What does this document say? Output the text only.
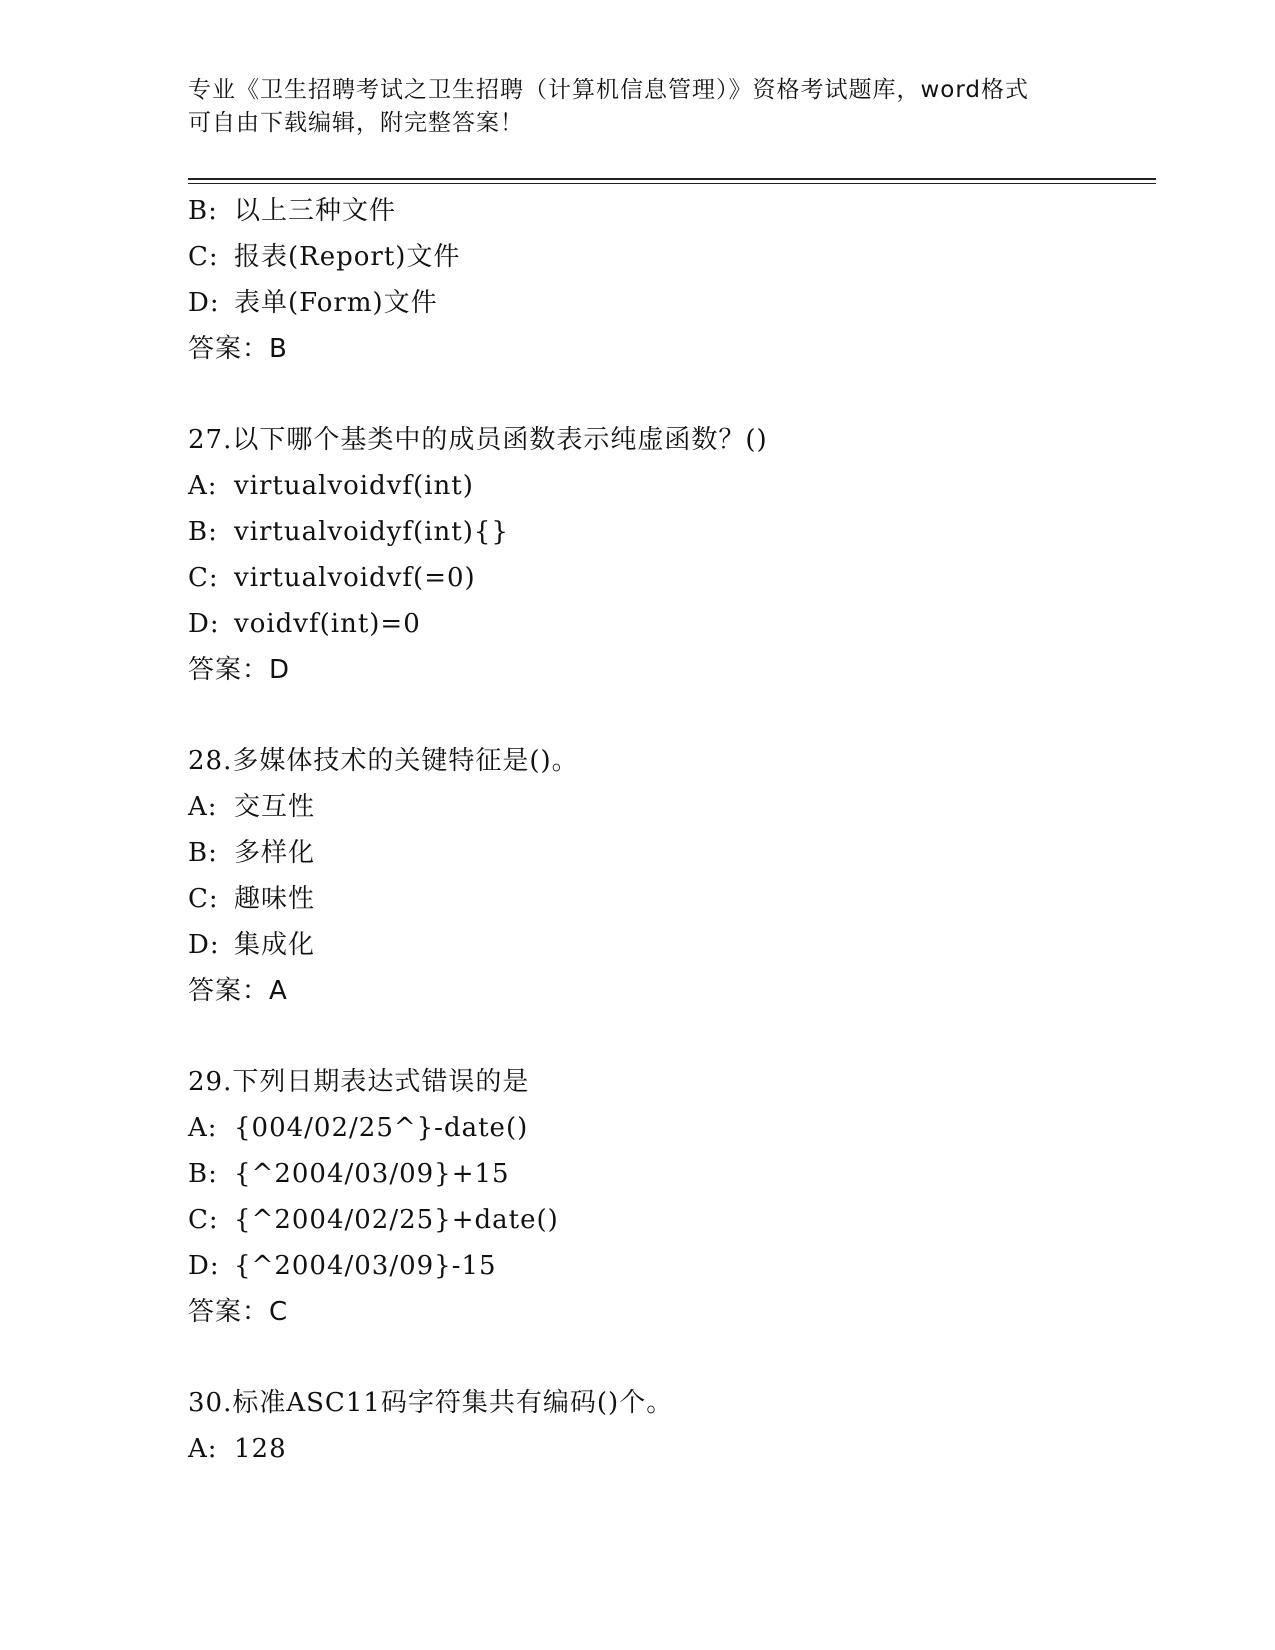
专业《卫生招聘考试之卫生招聘（计算机信息管理）》资格考试题库，word格式
可自由下载编辑，附完整答案！
B: 以上三种文件
C: 报表(Report)文件
D: 表单(Form)文件
答案：B
27.以下哪个基类中的成员函数表示纯虚函数？()
A: virtualvoidvf(int)
B: virtualvoidyf(int){}
C: virtualvoidvf(=0)
D: voidvf(int)=0
答案：D
28.多媒体技术的关键特征是()。
A: 交互性
B: 多样化
C: 趣味性
D: 集成化
答案：A
29.下列日期表达式错误的是
A: {004/02/25^}-date()
B: {^2004/03/09}+15
C: {^2004/02/25}+date()
D: {^2004/03/09}-15
答案：C
30.标准ASC11码字符集共有编码()个。
A: 128
